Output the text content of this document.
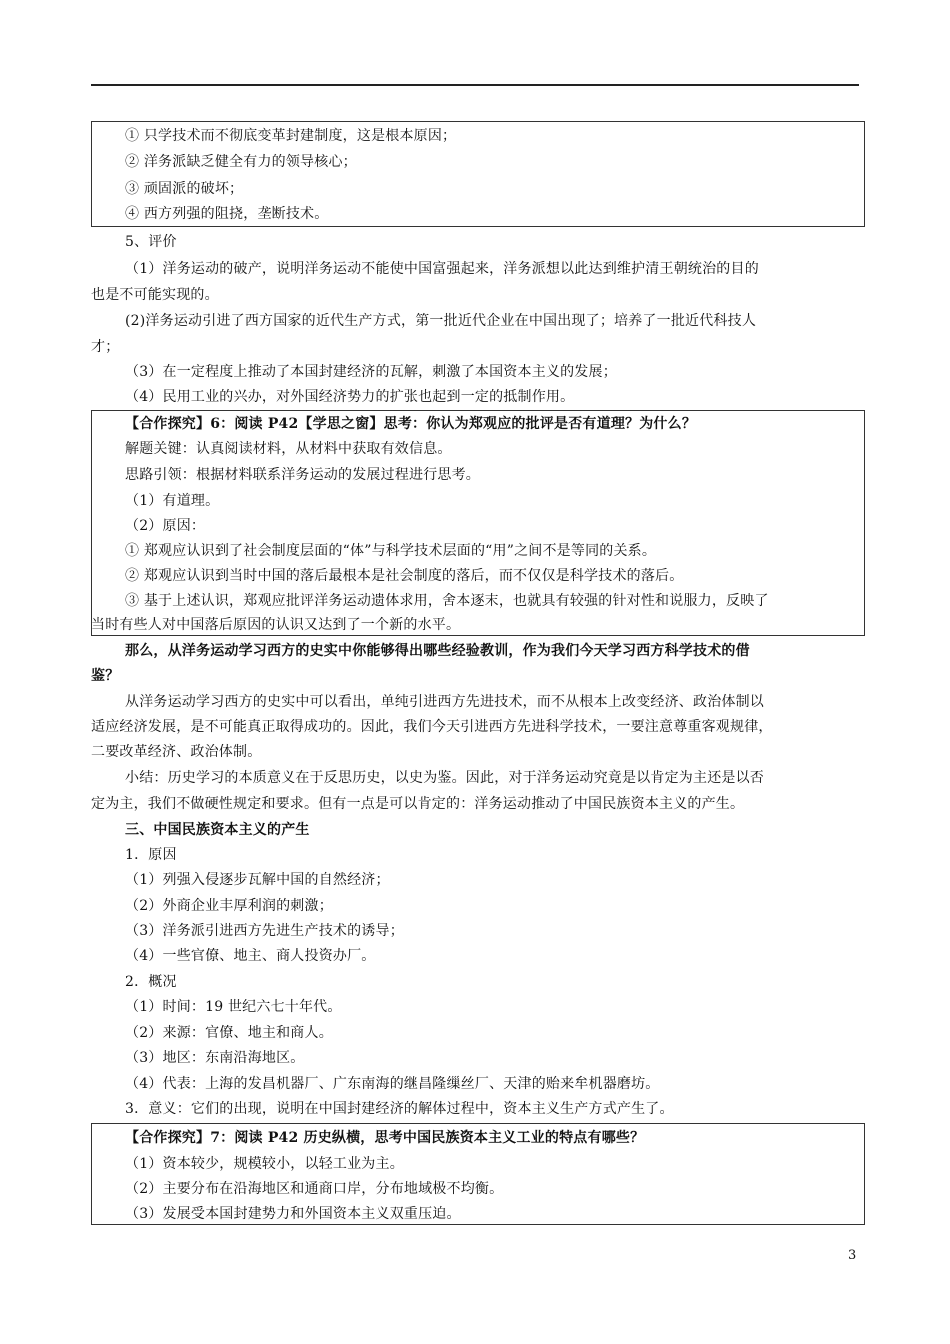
① 只学技术而不彻底变革封建制度，这是根本原因；
② 洋务派缺乏健全有力的领导核心；
③ 顽固派的破坏；
④ 西方列强的阻挠，垄断技术。
5、评价
（1）洋务运动的破产，说明洋务运动不能使中国富强起来，洋务派想以此达到维护清王朝统治的目的
也是不可能实现的。
(2)洋务运动引进了西方国家的近代生产方式，第一批近代企业在中国出现了；培养了一批近代科技人
才；
（3）在一定程度上推动了本国封建经济的瓦解，刺激了本国资本主义的发展；
（4）民用工业的兴办，对外国经济势力的扩张也起到一定的抵制作用。
【合作探究】6：阅读 P42【学思之窗】思考：你认为郑观应的批评是否有道理？为什么？
解题关键：认真阅读材料，从材料中获取有效信息。
思路引领：根据材料联系洋务运动的发展过程进行思考。
（1）有道理。
（2）原因：
① 郑观应认识到了社会制度层面的“体”与科学技术层面的“用”之间不是等同的关系。
② 郑观应认识到当时中国的落后最根本是社会制度的落后，而不仅仅是科学技术的落后。
③ 基于上述认识，郑观应批评洋务运动遗体求用，舍本逐末，也就具有较强的针对性和说服力，反映了
当时有些人对中国落后原因的认识又达到了一个新的水平。
那么，从洋务运动学习西方的史实中你能够得出哪些经验教训，作为我们今天学习西方科学技术的借
鉴？
从洋务运动学习西方的史实中可以看出，单纯引进西方先进技术，而不从根本上改变经济、政治体制以
适应经济发展，是不可能真正取得成功的。因此，我们今天引进西方先进科学技术，一要注意尊重客观规律，
二要改革经济、政治体制。
小结：历史学习的本质意义在于反思历史，以史为鉴。因此，对于洋务运动究竟是以肯定为主还是以否
定为主，我们不做硬性规定和要求。但有一点是可以肯定的：洋务运动推动了中国民族资本主义的产生。
三、中国民族资本主义的产生
1．原因
（1）列强入侵逐步瓦解中国的自然经济；
（2）外商企业丰厚利润的刺激；
（3）洋务派引进西方先进生产技术的诱导；
（4）一些官僚、地主、商人投资办厂。
2．概况
（1）时间：19 世纪六七十年代。
（2）来源：官僚、地主和商人。
（3）地区：东南沿海地区。
（4）代表：上海的发昌机器厂、广东南海的继昌隆缫丝厂、天津的贻来牟机器磨坊。
3．意义：它们的出现，说明在中国封建经济的解体过程中，资本主义生产方式产生了。
【合作探究】7：阅读 P42 历史纵横，思考中国民族资本主义工业的特点有哪些？
（1）资本较少，规模较小，以轻工业为主。
（2）主要分布在沿海地区和通商口岸，分布地域极不均衡。
（3）发展受本国封建势力和外国资本主义双重压迫。
3
